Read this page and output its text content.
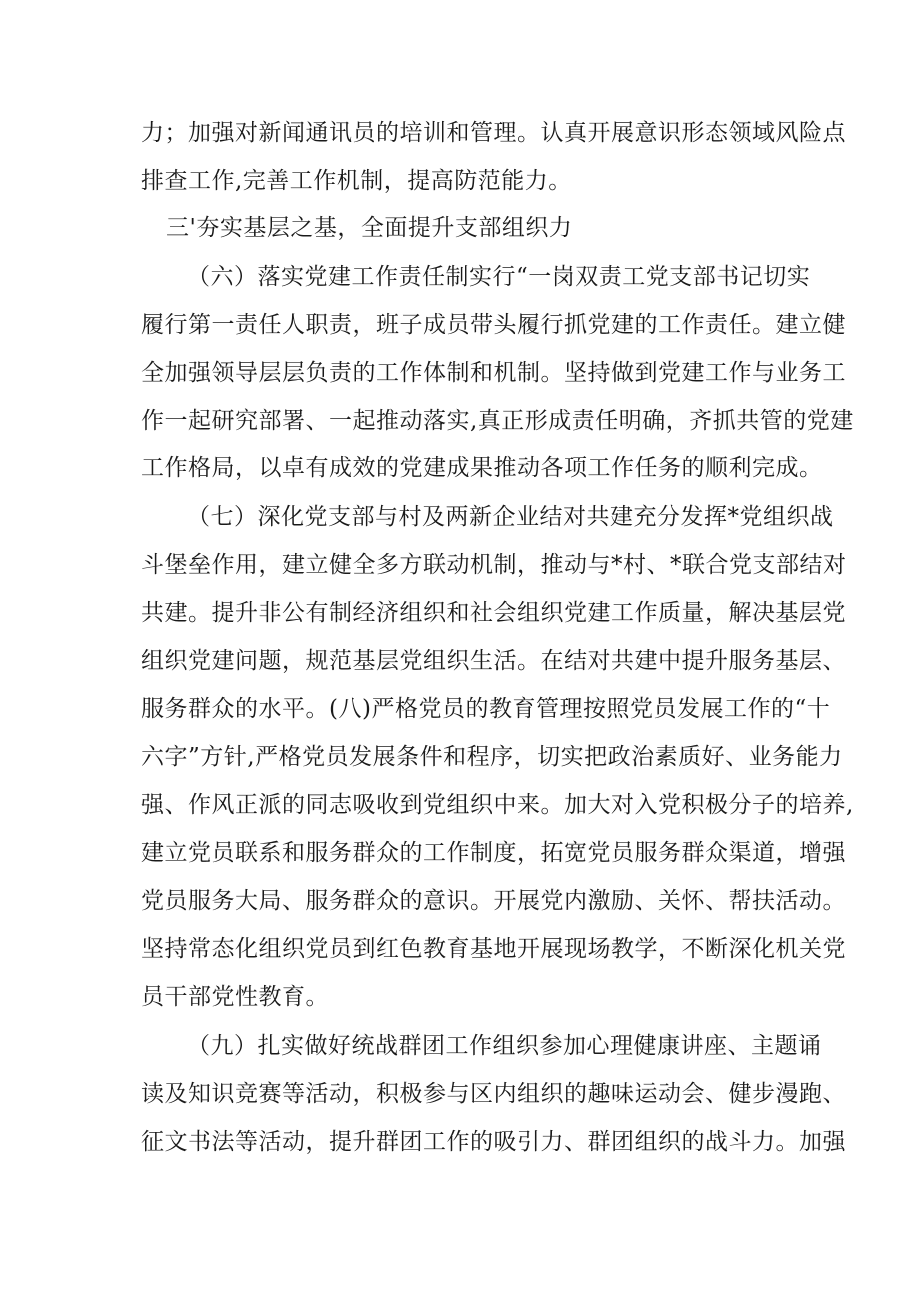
力；加强对新闻通讯员的培训和管理。认真开展意识形态领域风险点

排查工作,完善工作机制，提高防范能力。

三'夯实基层之基，全面提升支部组织力

（六）落实党建工作责任制实行“一岗双责工党支部书记切实

履行第一责任人职责，班子成员带头履行抓党建的工作责任。建立健

全加强领导层层负责的工作体制和机制。坚持做到党建工作与业务工

作一起研究部署、一起推动落实,真正形成责任明确，齐抓共管的党建

工作格局，以卓有成效的党建成果推动各项工作任务的顺利完成。

（七）深化党支部与村及两新企业结对共建充分发挥*党组织战

斗堡垒作用，建立健全多方联动机制，推动与*村、*联合党支部结对

共建。提升非公有制经济组织和社会组织党建工作质量，解决基层党

组织党建问题，规范基层党组织生活。在结对共建中提升服务基层、

服务群众的水平。(八)严格党员的教育管理按照党员发展工作的“十

六字”方针,严格党员发展条件和程序，切实把政治素质好、业务能力

强、作风正派的同志吸收到党组织中来。加大对入党积极分子的培养,

建立党员联系和服务群众的工作制度，拓宽党员服务群众渠道，增强

党员服务大局、服务群众的意识。开展党内激励、关怀、帮扶活动。

坚持常态化组织党员到红色教育基地开展现场教学，不断深化机关党

员干部党性教育。

（九）扎实做好统战群团工作组织参加心理健康讲座、主题诵

读及知识竞赛等活动，积极参与区内组织的趣味运动会、健步漫跑、

征文书法等活动，提升群团工作的吸引力、群团组织的战斗力。加强
